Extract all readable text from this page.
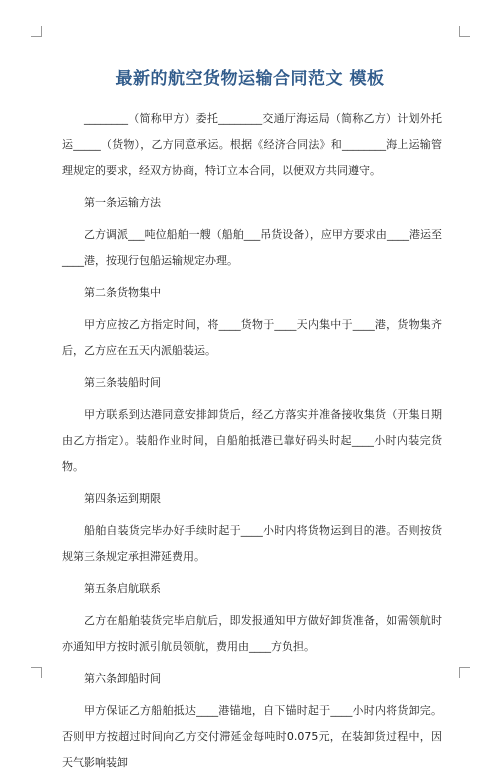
最新的航空货物运输合同范文 模板

________（简称甲方）委托________交通厅海运局（简称乙方）计划外托运_____（货物），乙方同意承运。根据《经济合同法》和________海上运输管理规定的要求，经双方协商，特订立本合同，以便双方共同遵守。

第一条运输方法

乙方调派___吨位船舶一艘（船舶___吊货设备），应甲方要求由____港运至____港，按现行包船运输规定办理。

第二条货物集中

甲方应按乙方指定时间，将____货物于____天内集中于____港，货物集齐后，乙方应在五天内派船装运。

第三条装船时间

甲方联系到达港同意安排卸货后，经乙方落实并准备接收集货（开集日期由乙方指定）。装船作业时间，自船舶抵港已靠好码头时起____小时内装完货物。

第四条运到期限

船舶自装货完毕办好手续时起于____小时内将货物运到目的港。否则按货规第三条规定承担滞延费用。

第五条启航联系

乙方在船舶装货完毕启航后，即发报通知甲方做好卸货准备，如需领航时亦通知甲方按时派引航员领航，费用由____方负担。

第六条卸船时间

甲方保证乙方船舶抵达____港锚地，自下锚时起于____小时内将货卸完。否则甲方按超过时间向乙方交付滞延金每吨时0.075元，在装卸货过程中，因天气影响装卸
